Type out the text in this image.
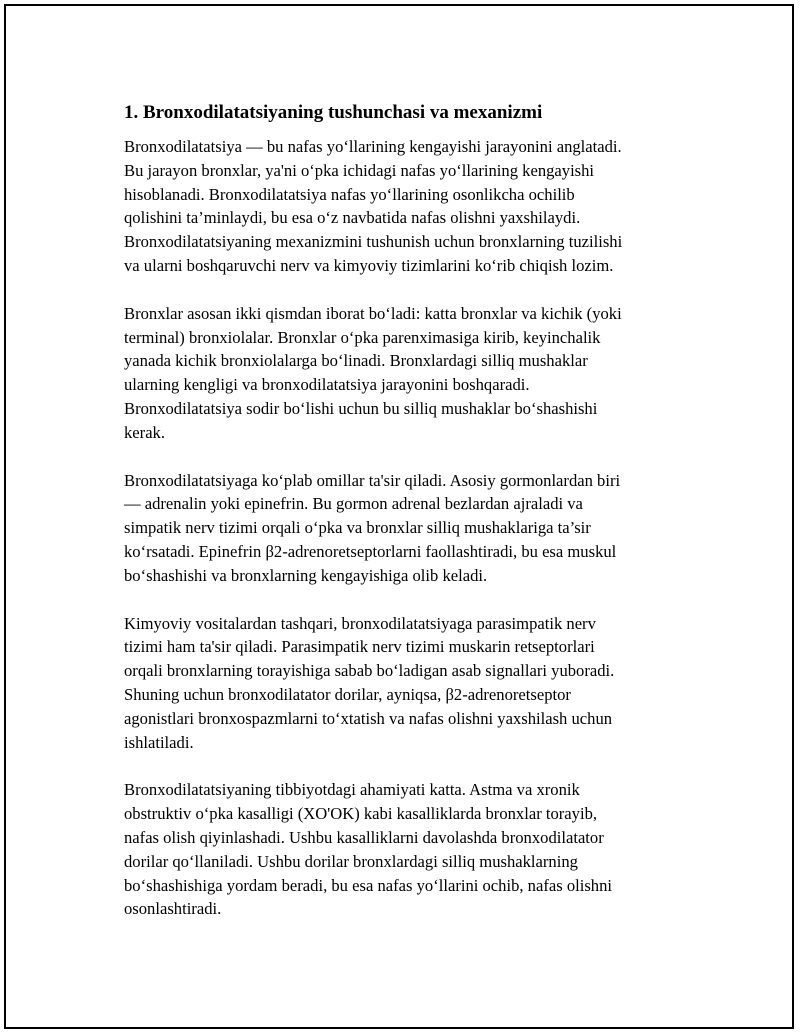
1. Bronxodilatatsiyaning tushunchasi va mexanizmi

Bronxodilatatsiya — bu nafas yo‘llarining kengayishi jarayonini anglatadi.
Bu jarayon bronxlar, ya'ni o‘pka ichidagi nafas yo‘llarining kengayishi
hisoblanadi. Bronxodilatatsiya nafas yo‘llarining osonlikcha ochilib
qolishini ta’minlaydi, bu esa o‘z navbatida nafas olishni yaxshilaydi.
Bronxodilatatsiyaning mexanizmini tushunish uchun bronxlarning tuzilishi
va ularni boshqaruvchi nerv va kimyoviy tizimlarini ko‘rib chiqish lozim.

Bronxlar asosan ikki qismdan iborat bo‘ladi: katta bronxlar va kichik (yoki
terminal) bronxiolalar. Bronxlar o‘pka parenximasiga kirib, keyinchalik
yanada kichik bronxiolalarga bo‘linadi. Bronxlardagi silliq mushaklar
ularning kengligi va bronxodilatatsiya jarayonini boshqaradi.
Bronxodilatatsiya sodir bo‘lishi uchun bu silliq mushaklar bo‘shashishi
kerak.

Bronxodilatatsiyaga ko‘plab omillar ta'sir qiladi. Asosiy gormonlardan biri
— adrenalin yoki epinefrin. Bu gormon adrenal bezlardan ajraladi va
simpatik nerv tizimi orqali o‘pka va bronxlar silliq mushaklariga ta’sir
ko‘rsatadi. Epinefrin β2-adrenoretseptorlarni faollashtiradi, bu esa muskul
bo‘shashishi va bronxlarning kengayishiga olib keladi.

Kimyoviy vositalardan tashqari, bronxodilatatsiyaga parasimpatik nerv
tizimi ham ta'sir qiladi. Parasimpatik nerv tizimi muskarin retseptorlari
orqali bronxlarning torayishiga sabab bo‘ladigan asab signallari yuboradi.
Shuning uchun bronxodilatator dorilar, ayniqsa, β2-adrenoretseptor
agonistlari bronxospazmlarni to‘xtatish va nafas olishni yaxshilash uchun
ishlatiladi.

Bronxodilatatsiyaning tibbiyotdagi ahamiyati katta. Astma va xronik
obstruktiv o‘pka kasalligi (XO'OK) kabi kasalliklarda bronxlar torayib,
nafas olish qiyinlashadi. Ushbu kasalliklarni davolashda bronxodilatator
dorilar qo‘llaniladi. Ushbu dorilar bronxlardagi silliq mushaklarning
bo‘shashishiga yordam beradi, bu esa nafas yo‘llarini ochib, nafas olishni
osonlashtiradi.
